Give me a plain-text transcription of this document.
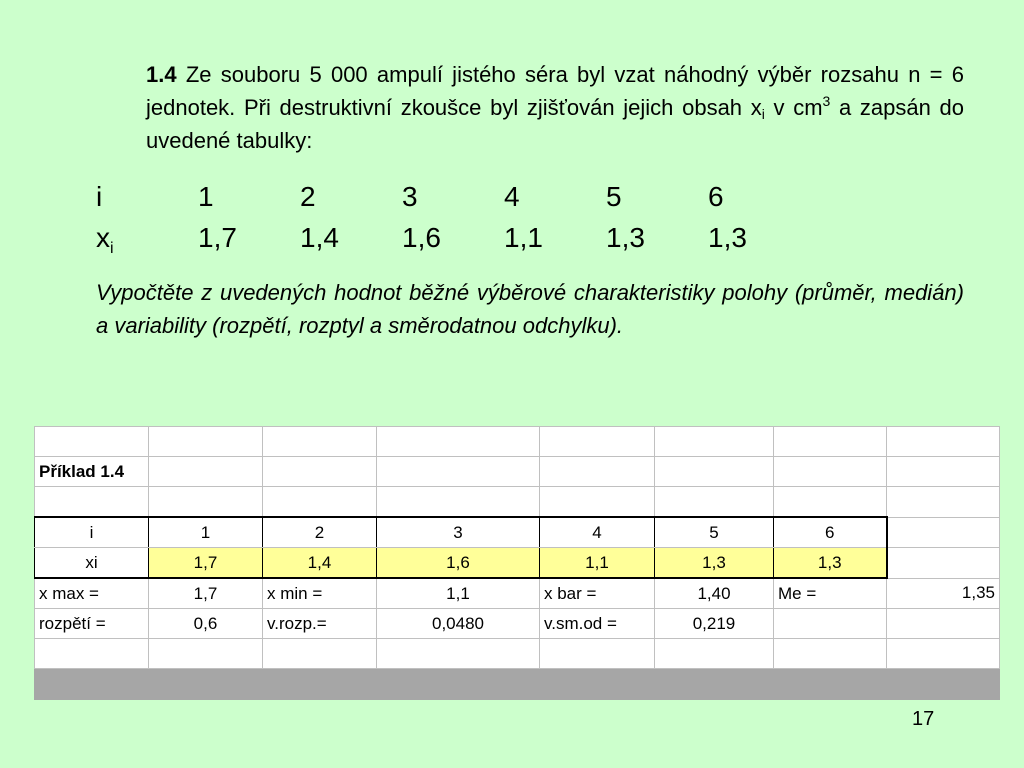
1.4 Ze souboru 5 000 ampulí jistého séra byl vzat náhodný výběr rozsahu n = 6 jednotek. Při destruktivní zkoušce byl zjišťován jejich obsah $x_i$ v $cm^3$ a zapsán do uvedené tabulky:
i	1	2	3	4	5	6
$x_i$	1,7 1,4 1,6 1,1 1,3 1,3
Vypočtěte z uvedených hodnot běžné výběrové charakteristiky polohy (průměr, medián) a variability (rozpětí, rozptyl a směrodatnou odchylku).

Příklad 1.4							

i	1	2	3	4	5	6	
xi	1,7	1,4	1,6	1,1	1,3	1,3	
x max =	1,7	x min =	1,1	x bar =	1,40	Me =	1,35
rozpětí =	0,6	v.rozp.=	0,0480	v.sm.od =	0,219		

17
